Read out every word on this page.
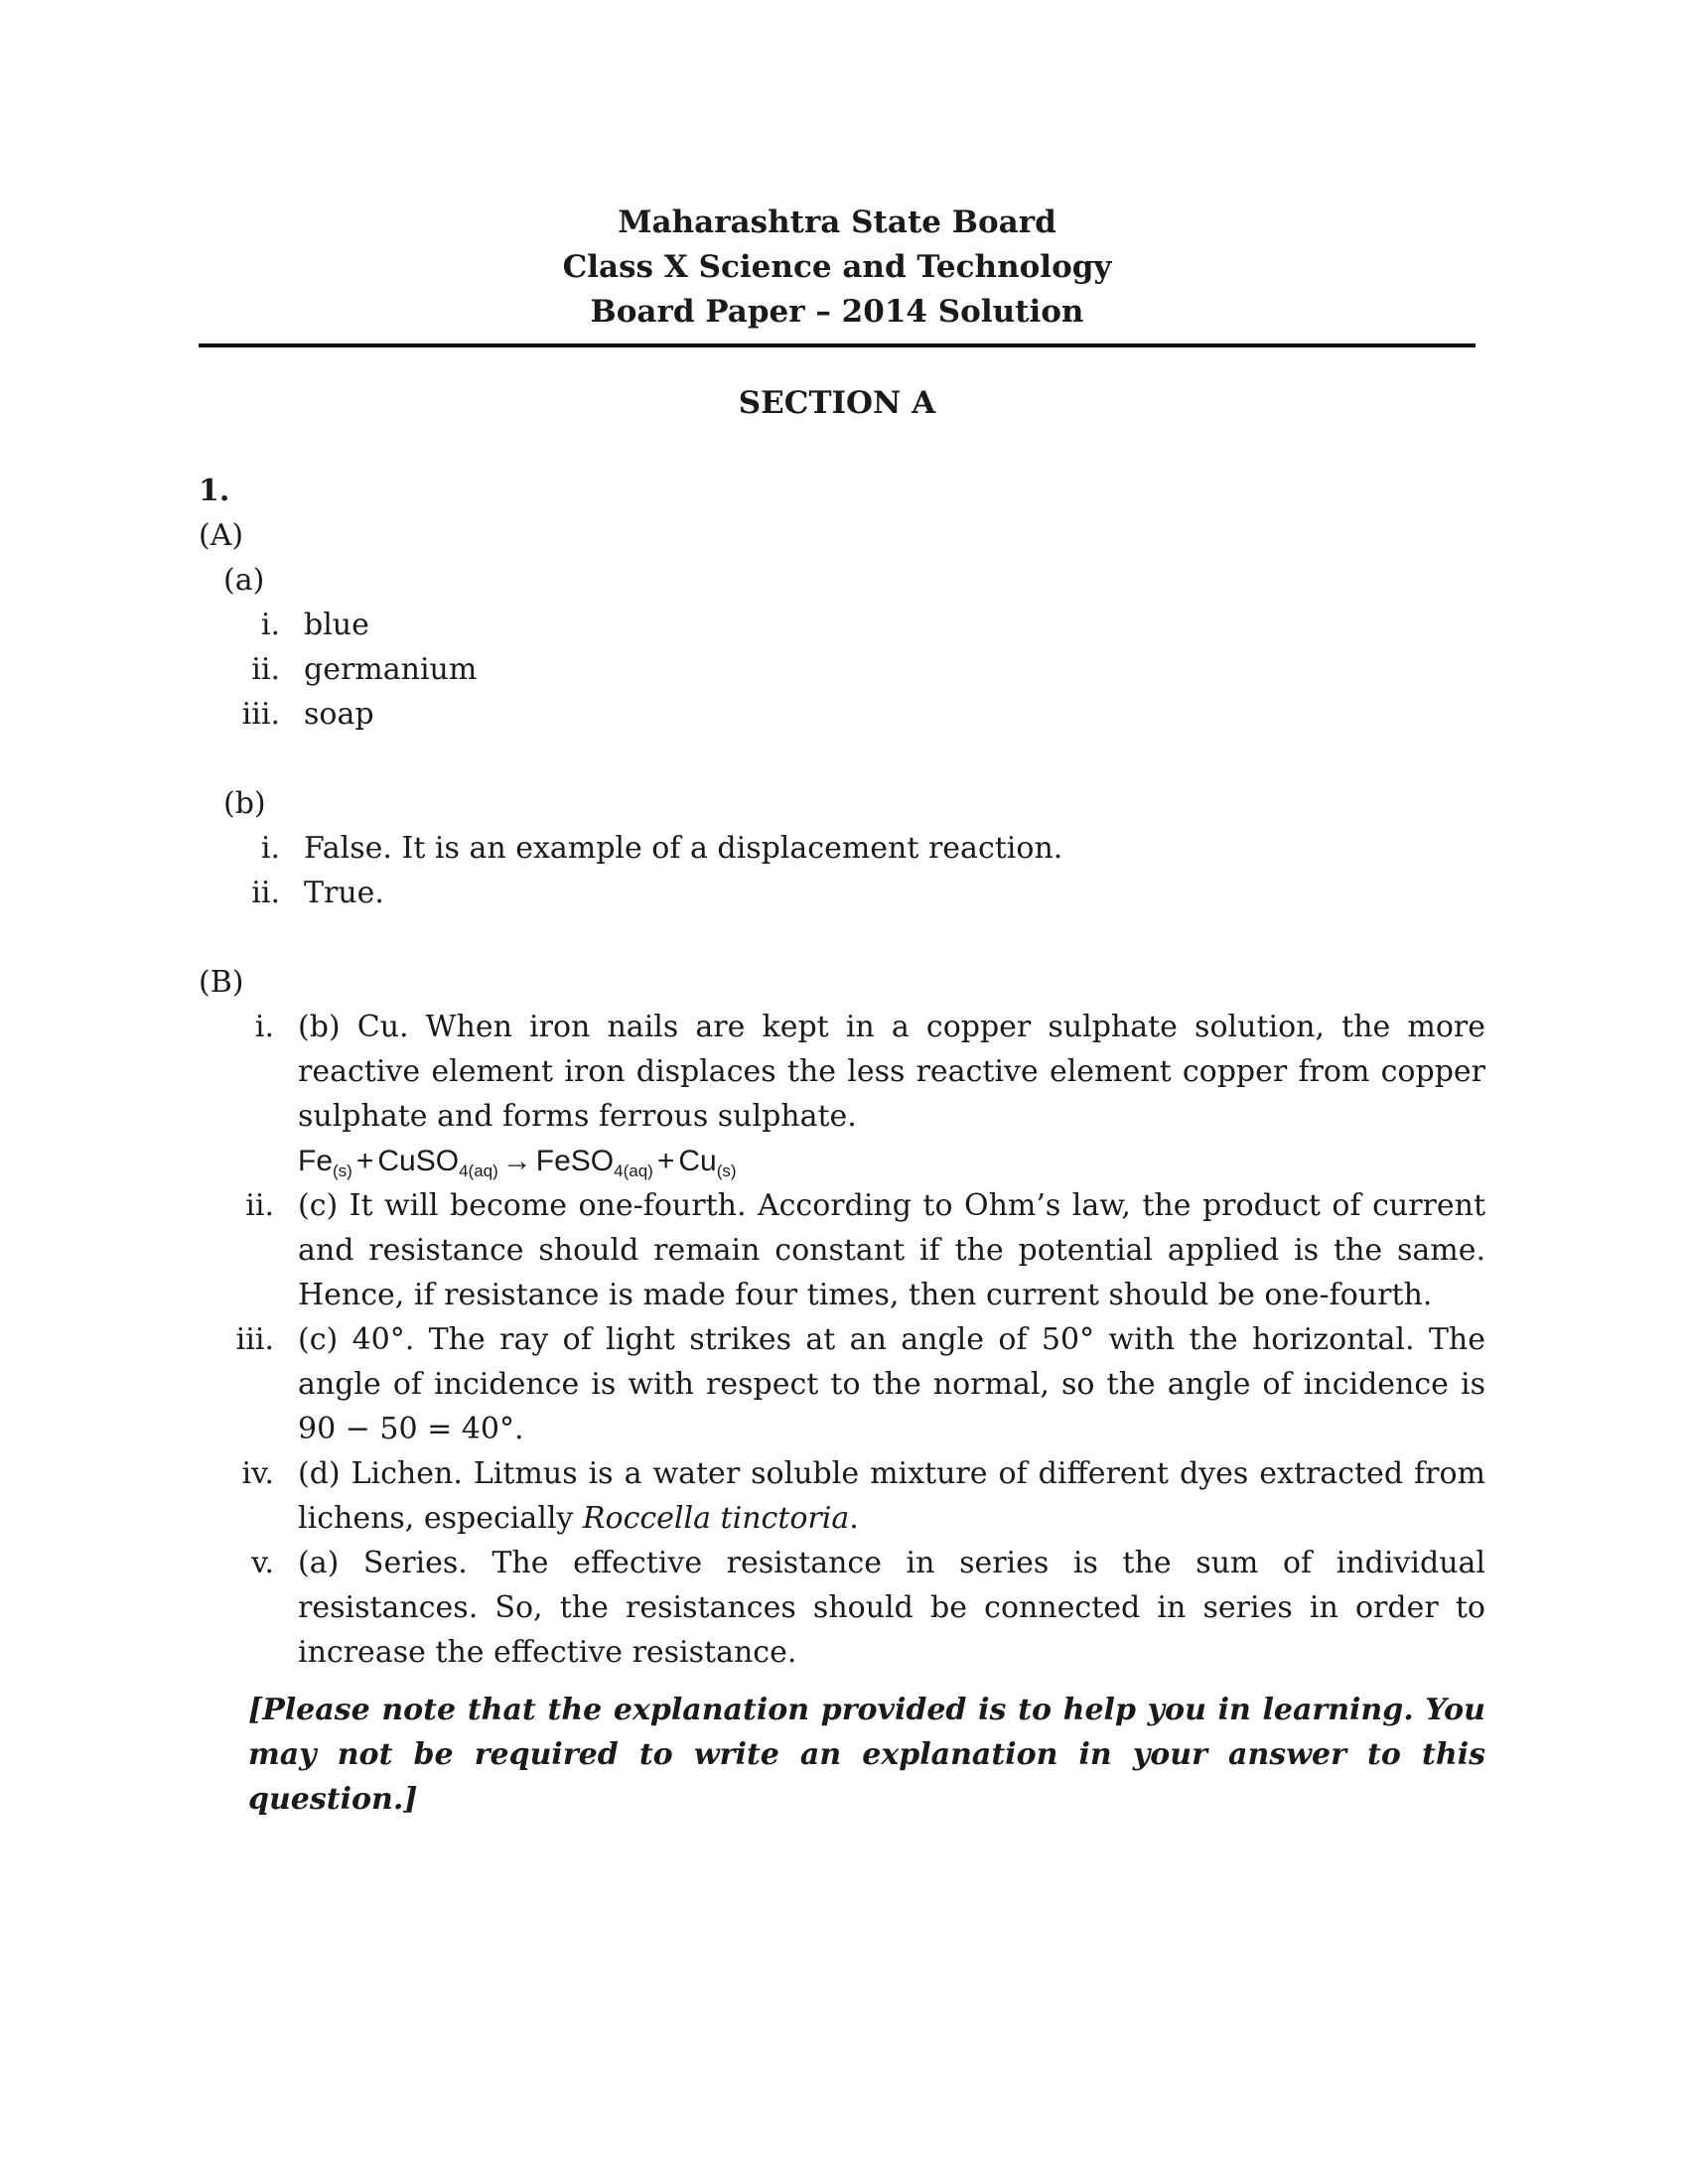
Maharashtra State Board
Class X Science and Technology
Board Paper – 2014 Solution
SECTION A
1.
(A)
(a)
i. blue
ii. germanium
iii. soap
(b)
i. False. It is an example of a displacement reaction.
ii. True.
(B)
i. (b) Cu. When iron nails are kept in a copper sulphate solution, the more reactive element iron displaces the less reactive element copper from copper sulphate and forms ferrous sulphate.
$Fe_{(s)}$ + CuSO$_{4(aq)}$ → FeSO$_{4(aq)}$ + $Cu_{(s)}$
ii. (c) It will become one-fourth. According to Ohm’s law, the product of current and resistance should remain constant if the potential applied is the same. Hence, if resistance is made four times, then current should be one-fourth.
iii. (c) 40°. The ray of light strikes at an angle of 50° with the horizontal. The angle of incidence is with respect to the normal, so the angle of incidence is 90 − 50 = 40°.
iv. (d) Lichen. Litmus is a water soluble mixture of different dyes extracted from lichens, especially Roccella tinctoria.
v. (a) Series. The effective resistance in series is the sum of individual resistances. So, the resistances should be connected in series in order to increase the effective resistance.
[Please note that the explanation provided is to help you in learning. You may not be required to write an explanation in your answer to this question.]
